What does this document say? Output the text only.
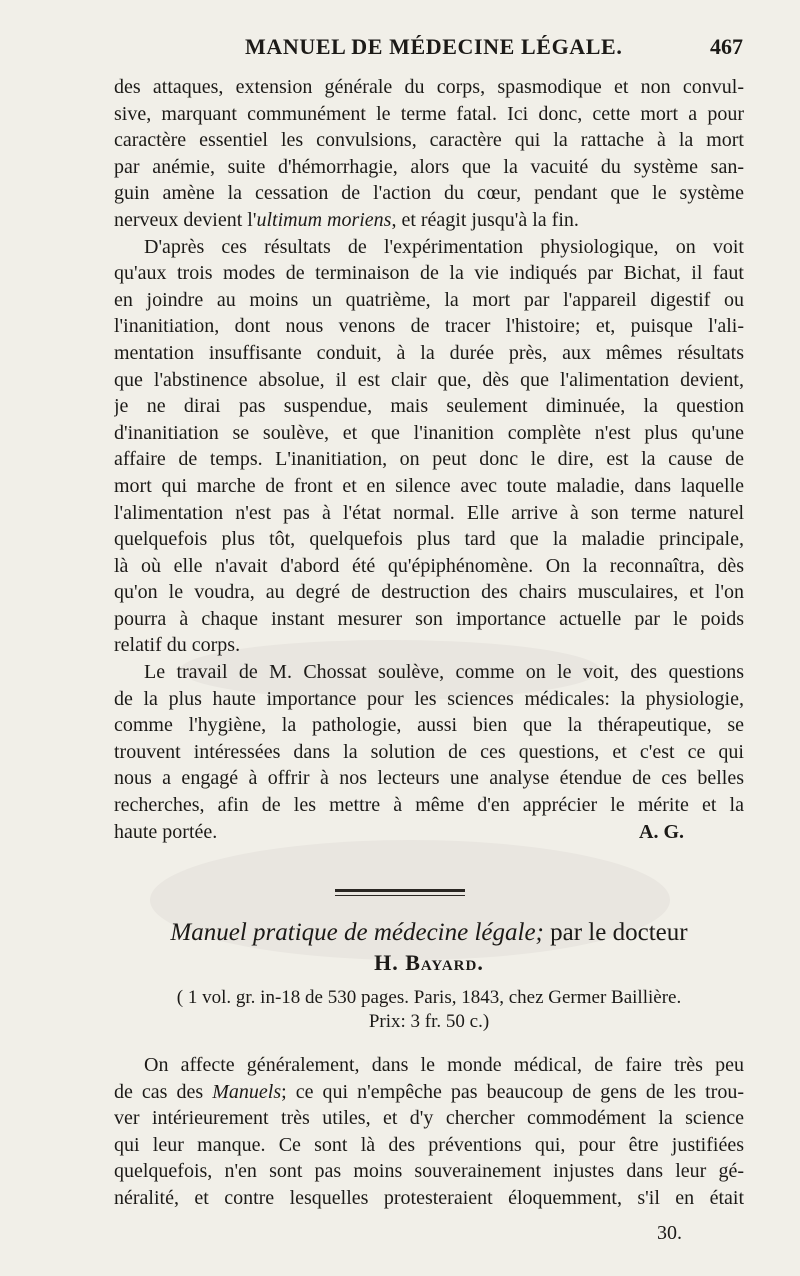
MANUEL DE MÉDECINE LÉGALE.	467
des attaques, extension générale du corps, spasmodique et non convul-
sive, marquant communément le terme fatal. Ici donc, cette mort a pour
caractère essentiel les convulsions, caractère qui la rattache à la mort
par anémie, suite d'hémorrhagie, alors que la vacuité du système san-
guin amène la cessation de l'action du cœur, pendant que le système
nerveux devient l'ultimum moriens, et réagit jusqu'à la fin.
D'après ces résultats de l'expérimentation physiologique, on voit
qu'aux trois modes de terminaison de la vie indiqués par Bichat, il faut
en joindre au moins un quatrième, la mort par l'appareil digestif ou
l'inanitiation, dont nous venons de tracer l'histoire; et, puisque l'ali-
mentation insuffisante conduit, à la durée près, aux mêmes résultats
que l'abstinence absolue, il est clair que, dès que l'alimentation devient,
je ne dirai pas suspendue, mais seulement diminuée, la question
d'inanitiation se soulève, et que l'inanition complète n'est plus qu'une
affaire de temps. L'inanitiation, on peut donc le dire, est la cause de
mort qui marche de front et en silence avec toute maladie, dans laquelle
l'alimentation n'est pas à l'état normal. Elle arrive à son terme naturel
quelquefois plus tôt, quelquefois plus tard que la maladie principale,
là où elle n'avait d'abord été qu'épiphénomène. On la reconnaîtra, dès
qu'on le voudra, au degré de destruction des chairs musculaires, et l'on
pourra à chaque instant mesurer son importance actuelle par le poids
relatif du corps.
Le travail de M. Chossat soulève, comme on le voit, des questions
de la plus haute importance pour les sciences médicales: la physiologie,
comme l'hygiène, la pathologie, aussi bien que la thérapeutique, se
trouvent intéressées dans la solution de ces questions, et c'est ce qui
nous a engagé à offrir à nos lecteurs une analyse étendue de ces belles
recherches, afin de les mettre à même d'en apprécier le mérite et la
haute portée.	A. G.
Manuel pratique de médecine légale; par le docteur
H. Bayard.
( 1 vol. gr. in-18 de 530 pages. Paris, 1843, chez Germer Baillière.
Prix: 3 fr. 50 c.)
On affecte généralement, dans le monde médical, de faire très peu
de cas des Manuels; ce qui n'empêche pas beaucoup de gens de les trou-
ver intérieurement très utiles, et d'y chercher commodément la science
qui leur manque. Ce sont là des préventions qui, pour être justifiées
quelquefois, n'en sont pas moins souverainement injustes dans leur gé-
néralité, et contre lesquelles protesteraient éloquemment, s'il en était
30.
